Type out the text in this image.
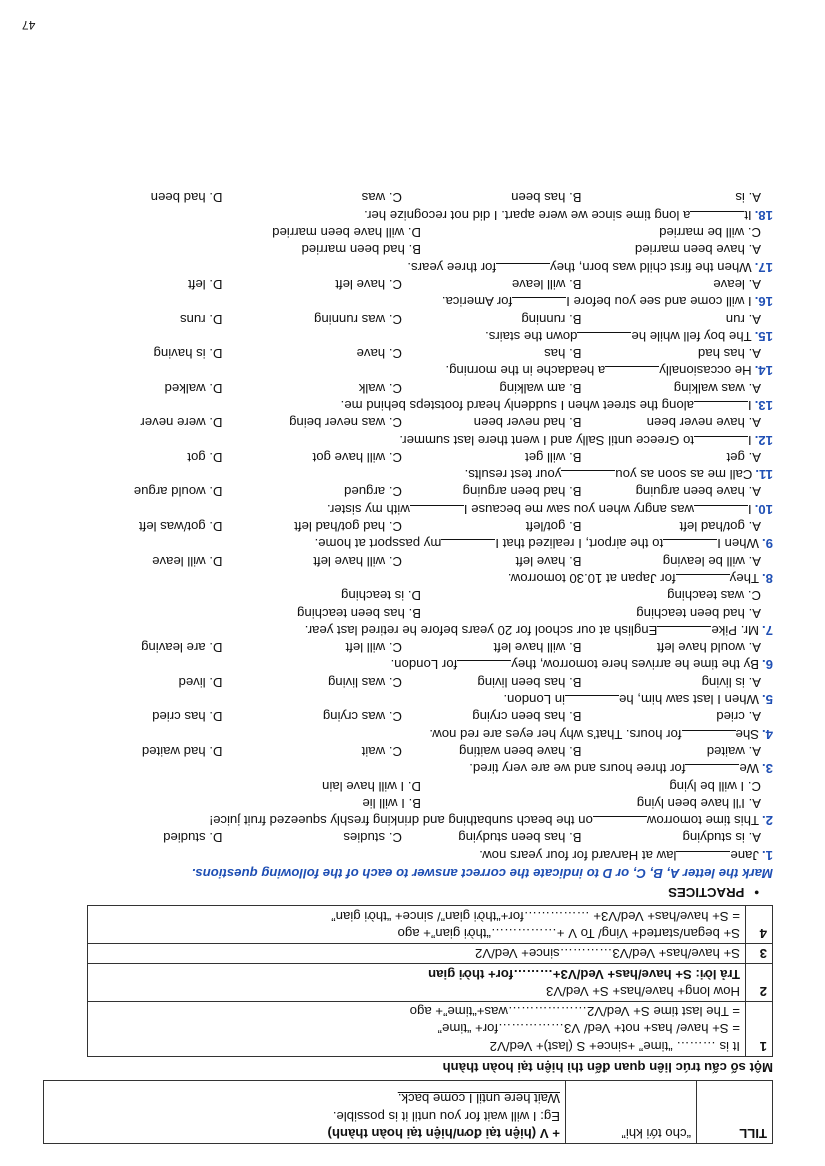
TILL	“cho tới khi”	
+ V (hiện tại đơn/hiện tại hoàn thành)
Eg: I will wait for you until it is possible.
Wait here until I come back.
Một số cấu trúc liên quan đến thì hiện tại hoàn thành
1	It is ……… “time” +since+ S (last)+ Ved/V2
= S+ have/ has+ not+ Ved/ V3……………for+ “time”
= The last time S+ Ved/V2………………was+“time”+ ago

2	How long+ have/has+ S+ Ved/V3
Trả lời: S+ have/has+ Ved/V3+………for+ thời gian

3	S+ have/has+ Ved/V3…………since+ Ved/V2

4	S+ began/started+ Ving/ To V +……………“thời gian”+ ago
= S+ have/has+ Ved/V3+ ……………for+“thời gian”/ since+ “thời gian”
•PRACTICES
Mark the letter A, B, C, or D to indicate the correct answer to each of the following questions.
1.Janelaw at Harvard for four years now.
A. is studying
B. has been studying
C. studies
D. studied
2.This time tomorrowon the beach sunbathing and drinking freshly squeezed fruit juice!
A. I'll have been lying
B. I will lie
C. I will be lying
D. I will have lain
3.Wefor three hours and we are very tired.
A. waited
B. have been waiting
C. wait
D. had waited
4.Shefor hours. That's why her eyes are red now.
A. cried
B. has been crying
C. was crying
D. has cried
5.When I last saw him, hein London.
A. is living
B. has been living
C. was living
D. lived
6.By the time he arrives here tomorrow, theyfor London.
A. would have left
B. will have left
C. will left
D. are leaving
7.Mr. PikeEnglish at our school for 20 years before he retired last year.
A. had been teaching
B. has been teaching
C. was teaching
D. is teaching
8.Theyfor Japan at 10.30 tomorrow.
A. will be leaving
B. have left
C. will have left
D. will leave
9.When Ito the airport, I realized that Imy passport at home.
A. got/had left
B. got/left
C. had got/had left
D. got/was left
10.Iwas angry when you saw me because Iwith my sister.
A. have been arguing
B. had been arguing
C. argued
D. would argue
11.Call me as soon as youyour test results.
A. get
B. will get
C. will have got
D. got
12.Ito Greece until Sally and I went there last summer.
A. have never been
B. had never been
C. was never being
D. were never
13.Ialong the street when I suddenly heard footsteps behind me.
A. was walking
B. am walking
C. walk
D. walked
14.He occasionallya headache in the morning.
A. has had
B. has
C. have
D. is having
15.The boy fell while hedown the stairs.
A. run
B. running
C. was running
D. runs
16.I will come and see you before Ifor America.
A. leave
B. will leave
C. have left
D. left
17.When the first child was born, theyfor three years.
A. have been married
B. had been married
C. will be married
D. will have been married
18.Ita long time since we were apart. I did not recognize her.
A. is
B. has been
C. was
D. had been
47
